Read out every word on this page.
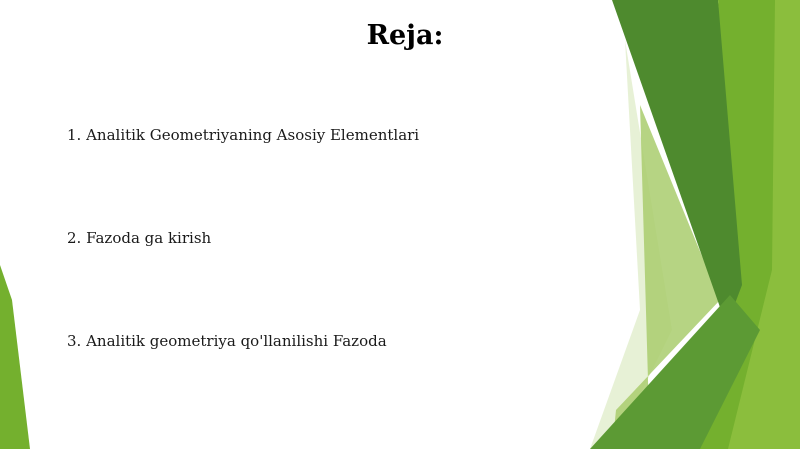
Reja:
1. Analitik Geometriyaning Asosiy Elementlari
2. Fazoda ga kirish
3. Analitik geometriya qo'llanilishi Fazoda
